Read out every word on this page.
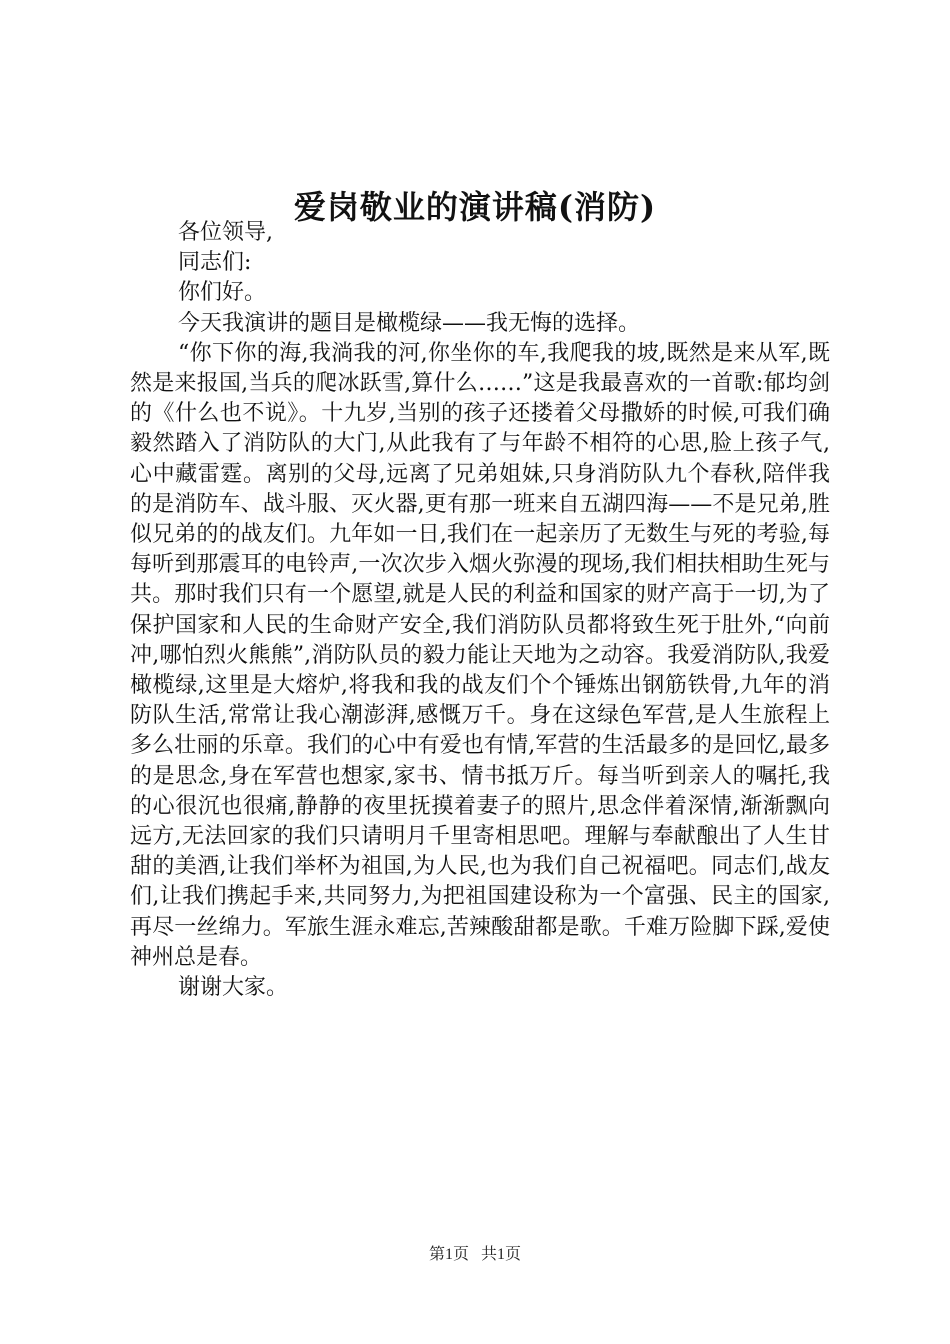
爱岗敬业的演讲稿(消防)

各位领导,

同志们:

你们好。

今天我演讲的题目是橄榄绿——我无悔的选择。

“你下你的海,我淌我的河,你坐你的车,我爬我的坡,既然是来从军,既然是来报国,当兵的爬冰跃雪,算什么……”这是我最喜欢的一首歌:郁均剑的《什么也不说》。十九岁,当别的孩子还搂着父母撒娇的时候,可我们确毅然踏入了消防队的大门,从此我有了与年龄不相符的心思,脸上孩子气,心中藏雷霆。离别的父母,远离了兄弟姐妹,只身消防队九个春秋,陪伴我的是消防车、战斗服、灭火器,更有那一班来自五湖四海——不是兄弟,胜似兄弟的的战友们。九年如一日,我们在一起亲历了无数生与死的考验,每每听到那震耳的电铃声,一次次步入烟火弥漫的现场,我们相扶相助生死与共。那时我们只有一个愿望,就是人民的利益和国家的财产高于一切,为了保护国家和人民的生命财产安全,我们消防队员都将致生死于肚外,“向前冲,哪怕烈火熊熊”,消防队员的毅力能让天地为之动容。我爱消防队,我爱橄榄绿,这里是大熔炉,将我和我的战友们个个锤炼出钢筋铁骨,九年的消防队生活,常常让我心潮澎湃,感慨万千。身在这绿色军营,是人生旅程上多么壮丽的乐章。我们的心中有爱也有情,军营的生活最多的是回忆,最多的是思念,身在军营也想家,家书、情书抵万斤。每当听到亲人的嘱托,我的心很沉也很痛,静静的夜里抚摸着妻子的照片,思念伴着深情,渐渐飘向远方,无法回家的我们只请明月千里寄相思吧。理解与奉献酿出了人生甘甜的美酒,让我们举杯为祖国,为人民,也为我们自己祝福吧。同志们,战友们,让我们携起手来,共同努力,为把祖国建设称为一个富强、民主的国家,再尽一丝绵力。军旅生涯永难忘,苦辣酸甜都是歌。千难万险脚下踩,爱使神州总是春。

谢谢大家。

第1页 共1页
